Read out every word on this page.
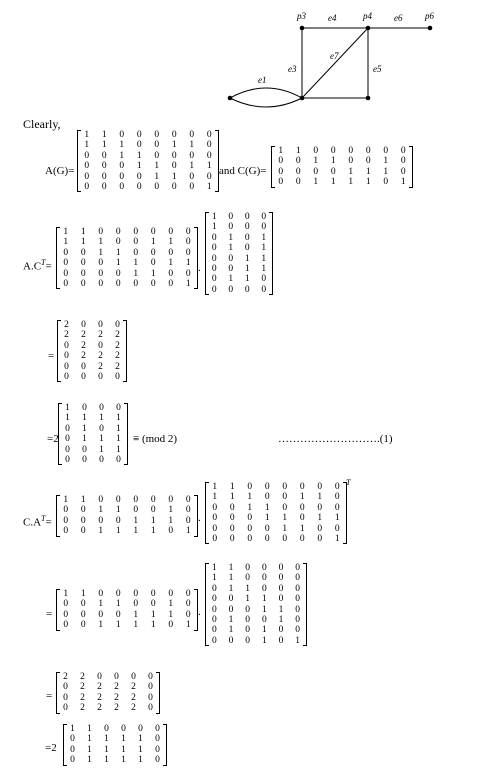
p3	p4	p6
e1
e3
e4
e5
e6
e7
Clearly,
A(G)=
1	1	0	0	0	0	0	0
1	1	1	0	0	1	1	0
0	0	1	1	0	0	0	0
0	0	0	1	1	0	1	1
0	0	0	0	1	1	0	0
0	0	0	0	0	0	0	1
and C(G)=
1	1	0	0	0	0	0	0
0	0	1	1	0	0	1	0
0	0	0	0	1	1	1	0
0	0	1	1	1	1	0	1
$A.C^T=$
1	1	0	0	0	0	0	0
1	1	1	0	0	1	1	0
0	0	1	1	0	0	0	0
0	0	0	1	1	0	1	1
0	0	0	0	1	1	0	0
0	0	0	0	0	0	0	1
.
1	0	0	0
1	0	0	0
0	1	0	1
0	1	0	1
0	0	1	1
0	0	1	1
0	1	1	0
0	0	0	0
=
2	0	0	0
2	2	2	2
0	2	0	2
0	2	2	2
0	0	2	2
0	0	0	0
=2
1	0	0	0
1	1	1	1
0	1	0	1
0	1	1	1
0	0	1	1
0	0	0	0
≡ (mod 2)	……………………….(1)
$C.A^T=$
1	1	0	0	0	0	0	0
0	0	1	1	0	0	1	0
0	0	0	0	1	1	1	0
0	0	1	1	1	1	0	1
.
1	1	0	0	0	0	0	0
1	1	1	0	0	1	1	0
0	0	1	1	0	0	0	0
0	0	0	1	1	0	1	1
0	0	0	0	1	1	0	0
0	0	0	0	0	0	0	1
T
=
1	1	0	0	0	0	0	0
0	0	1	1	0	0	1	0
0	0	0	0	1	1	1	0
0	0	1	1	1	1	0	1
.
1	1	0	0	0	0
1	1	0	0	0	0
0	1	1	0	0	0
0	0	1	1	0	0
0	0	0	1	1	0
0	1	0	0	1	0
0	1	0	1	0	0
0	0	0	1	0	1
=
2	2	0	0	0	0
0	2	2	2	2	0
0	2	2	2	2	0
0	2	2	2	2	0
=2
1	1	0	0	0	0
0	1	1	1	1	0
0	1	1	1	1	0
0	1	1	1	1	0
